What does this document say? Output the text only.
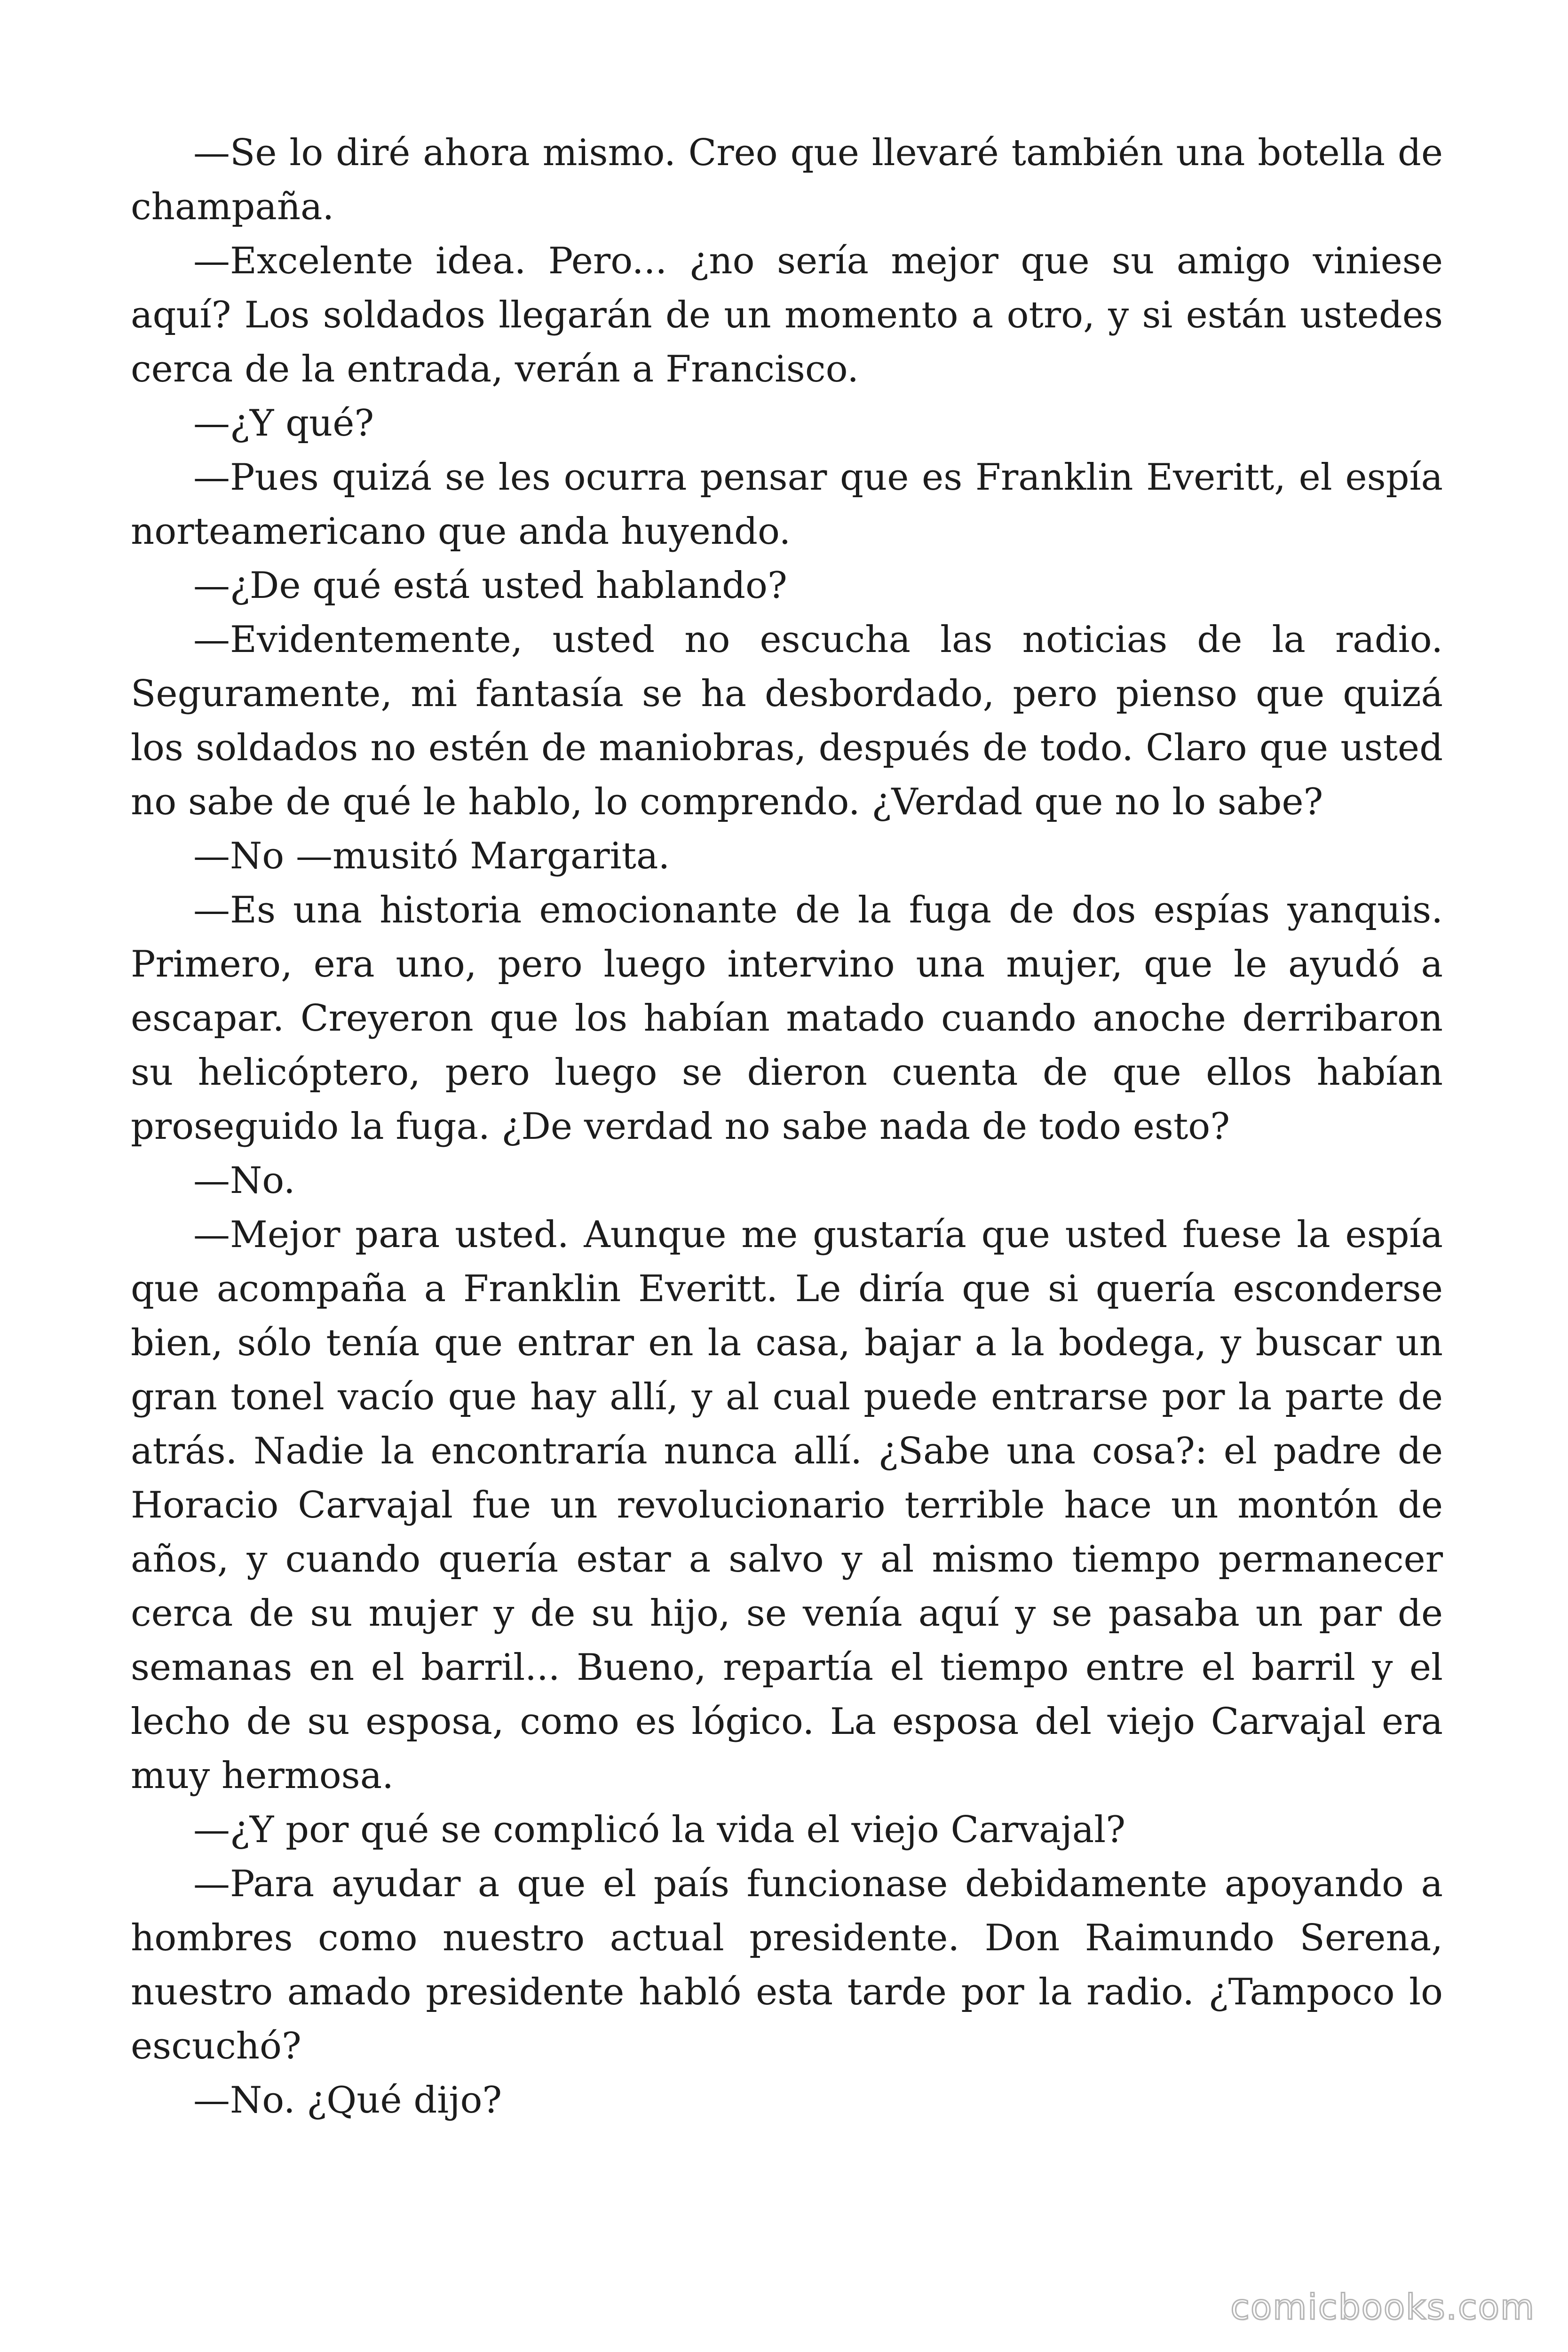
—Se lo diré ahora mismo. Creo que llevaré también una botella de champaña.

—Excelente idea. Pero... ¿no sería mejor que su amigo viniese aquí? Los soldados llegarán de un momento a otro, y si están ustedes cerca de la entrada, verán a Francisco.

—¿Y qué?

—Pues quizá se les ocurra pensar que es Franklin Everitt, el espía norteamericano que anda huyendo.

—¿De qué está usted hablando?

—Evidentemente, usted no escucha las noticias de la radio. Seguramente, mi fantasía se ha desbordado, pero pienso que quizá los soldados no estén de maniobras, después de todo. Claro que usted no sabe de qué le hablo, lo comprendo. ¿Verdad que no lo sabe?

—No —musitó Margarita.

—Es una historia emocionante de la fuga de dos espías yanquis. Primero, era uno, pero luego intervino una mujer, que le ayudó a escapar. Creyeron que los habían matado cuando anoche derribaron su helicóptero, pero luego se dieron cuenta de que ellos habían proseguido la fuga. ¿De verdad no sabe nada de todo esto?

—No.

—Mejor para usted. Aunque me gustaría que usted fuese la espía que acompaña a Franklin Everitt. Le diría que si quería esconderse bien, sólo tenía que entrar en la casa, bajar a la bodega, y buscar un gran tonel vacío que hay allí, y al cual puede entrarse por la parte de atrás. Nadie la encontraría nunca allí. ¿Sabe una cosa?: el padre de Horacio Carvajal fue un revolucionario terrible hace un montón de años, y cuando quería estar a salvo y al mismo tiempo permanecer cerca de su mujer y de su hijo, se venía aquí y se pasaba un par de semanas en el barril... Bueno, repartía el tiempo entre el barril y el lecho de su esposa, como es lógico. La esposa del viejo Carvajal era muy hermosa.

—¿Y por qué se complicó la vida el viejo Carvajal?

—Para ayudar a que el país funcionase debidamente apoyando a hombres como nuestro actual presidente. Don Raimundo Serena, nuestro amado presidente habló esta tarde por la radio. ¿Tampoco lo escuchó?

—No. ¿Qué dijo?

comicbooks.com
